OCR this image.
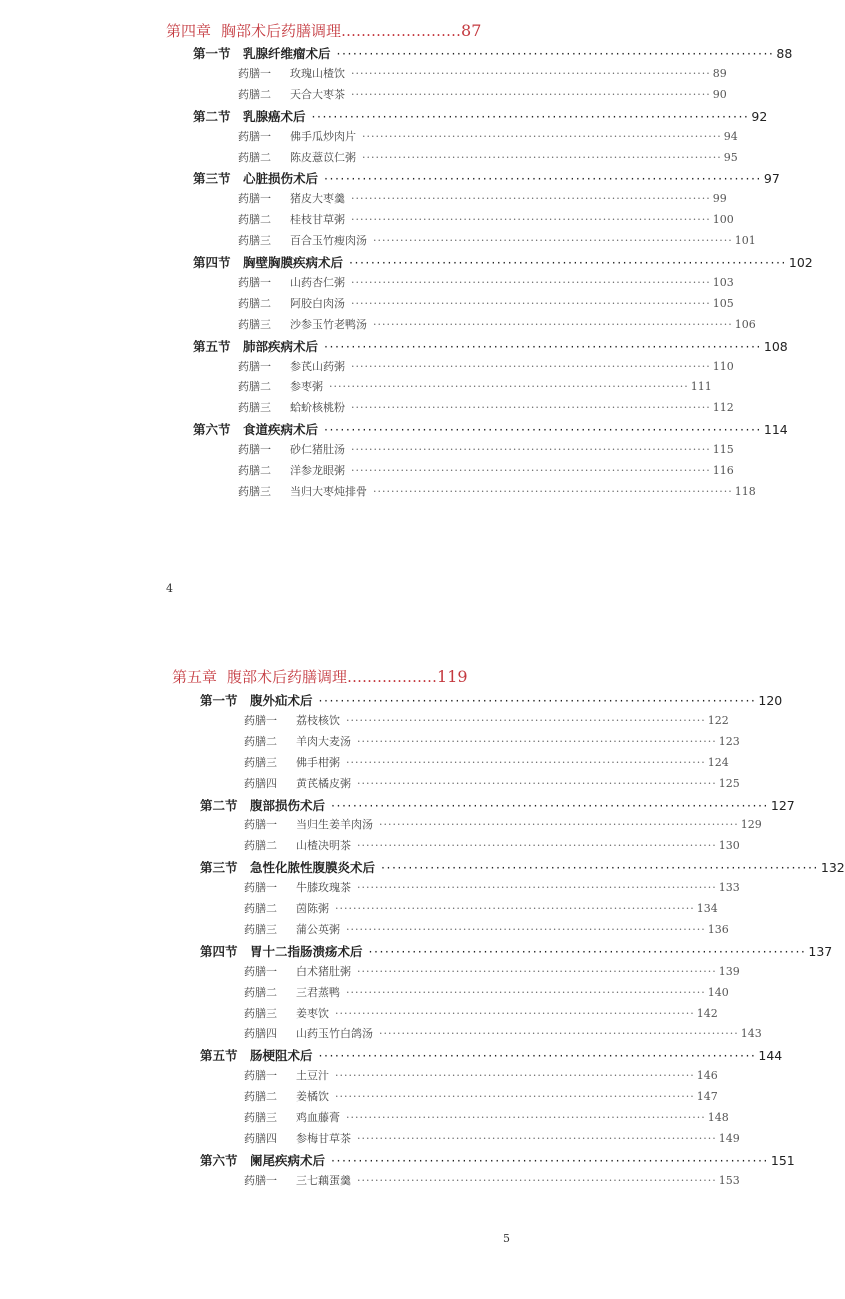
第四章 胸部术后药膳调理 …………………… 87
4
第一节 乳腺纤维瘤术后 ················································································ 88
药膳一	玫瑰山楂饮 ················································································ 89
药膳二	天合大枣茶 ················································································ 90
第二节 乳腺癌术后 ················································································ 92
药膳一	佛手瓜炒肉片 ················································································ 94
药膳二	陈皮薏苡仁粥 ················································································ 95
第三节 心脏损伤术后 ················································································ 97
药膳一	猪皮大枣羹 ················································································ 99
药膳二	桂枝甘草粥 ················································································ 100
药膳三	百合玉竹瘦肉汤 ················································································ 101
第四节 胸壁胸膜疾病术后 ················································································ 102
药膳一	山药杏仁粥 ················································································ 103
药膳二	阿胶白肉汤 ················································································ 105
药膳三	沙参玉竹老鸭汤 ················································································ 106
第五节 肺部疾病术后 ················································································ 108
药膳一	参芪山药粥 ················································································ 110
药膳二	参枣粥 ················································································ 111
药膳三	蛤蚧核桃粉 ················································································ 112
第六节 食道疾病术后 ················································································ 114
药膳一	砂仁猪肚汤 ················································································ 115
药膳二	洋参龙眼粥 ················································································ 116
药膳三	当归大枣炖排骨 ················································································ 118
第五章 腹部术后药膳调理 ……………… 119
5
第一节 腹外疝术后 ················································································ 120
药膳一	荔枝核饮 ················································································ 122
药膳二	羊肉大麦汤 ················································································ 123
药膳三	佛手柑粥 ················································································ 124
药膳四	黄芪橘皮粥 ················································································ 125
第二节 腹部损伤术后 ················································································ 127
药膳一	当归生姜羊肉汤 ················································································ 129
药膳二	山楂决明茶 ················································································ 130
第三节 急性化脓性腹膜炎术后 ················································································ 132
药膳一	牛膝玫瑰茶 ················································································ 133
药膳二	茵陈粥 ················································································ 134
药膳三	蒲公英粥 ················································································ 136
第四节 胃十二指肠溃疡术后 ················································································ 137
药膳一	白术猪肚粥 ················································································ 139
药膳二	三君蒸鸭 ················································································ 140
药膳三	姜枣饮 ················································································ 142
药膳四	山药玉竹白鸽汤 ················································································ 143
第五节 肠梗阻术后 ················································································ 144
药膳一	土豆汁 ················································································ 146
药膳二	姜橘饮 ················································································ 147
药膳三	鸡血藤膏 ················································································ 148
药膳四	参梅甘草茶 ················································································ 149
第六节 阑尾疾病术后 ················································································ 151
药膳一	三七藕蛋羹 ················································································ 153
